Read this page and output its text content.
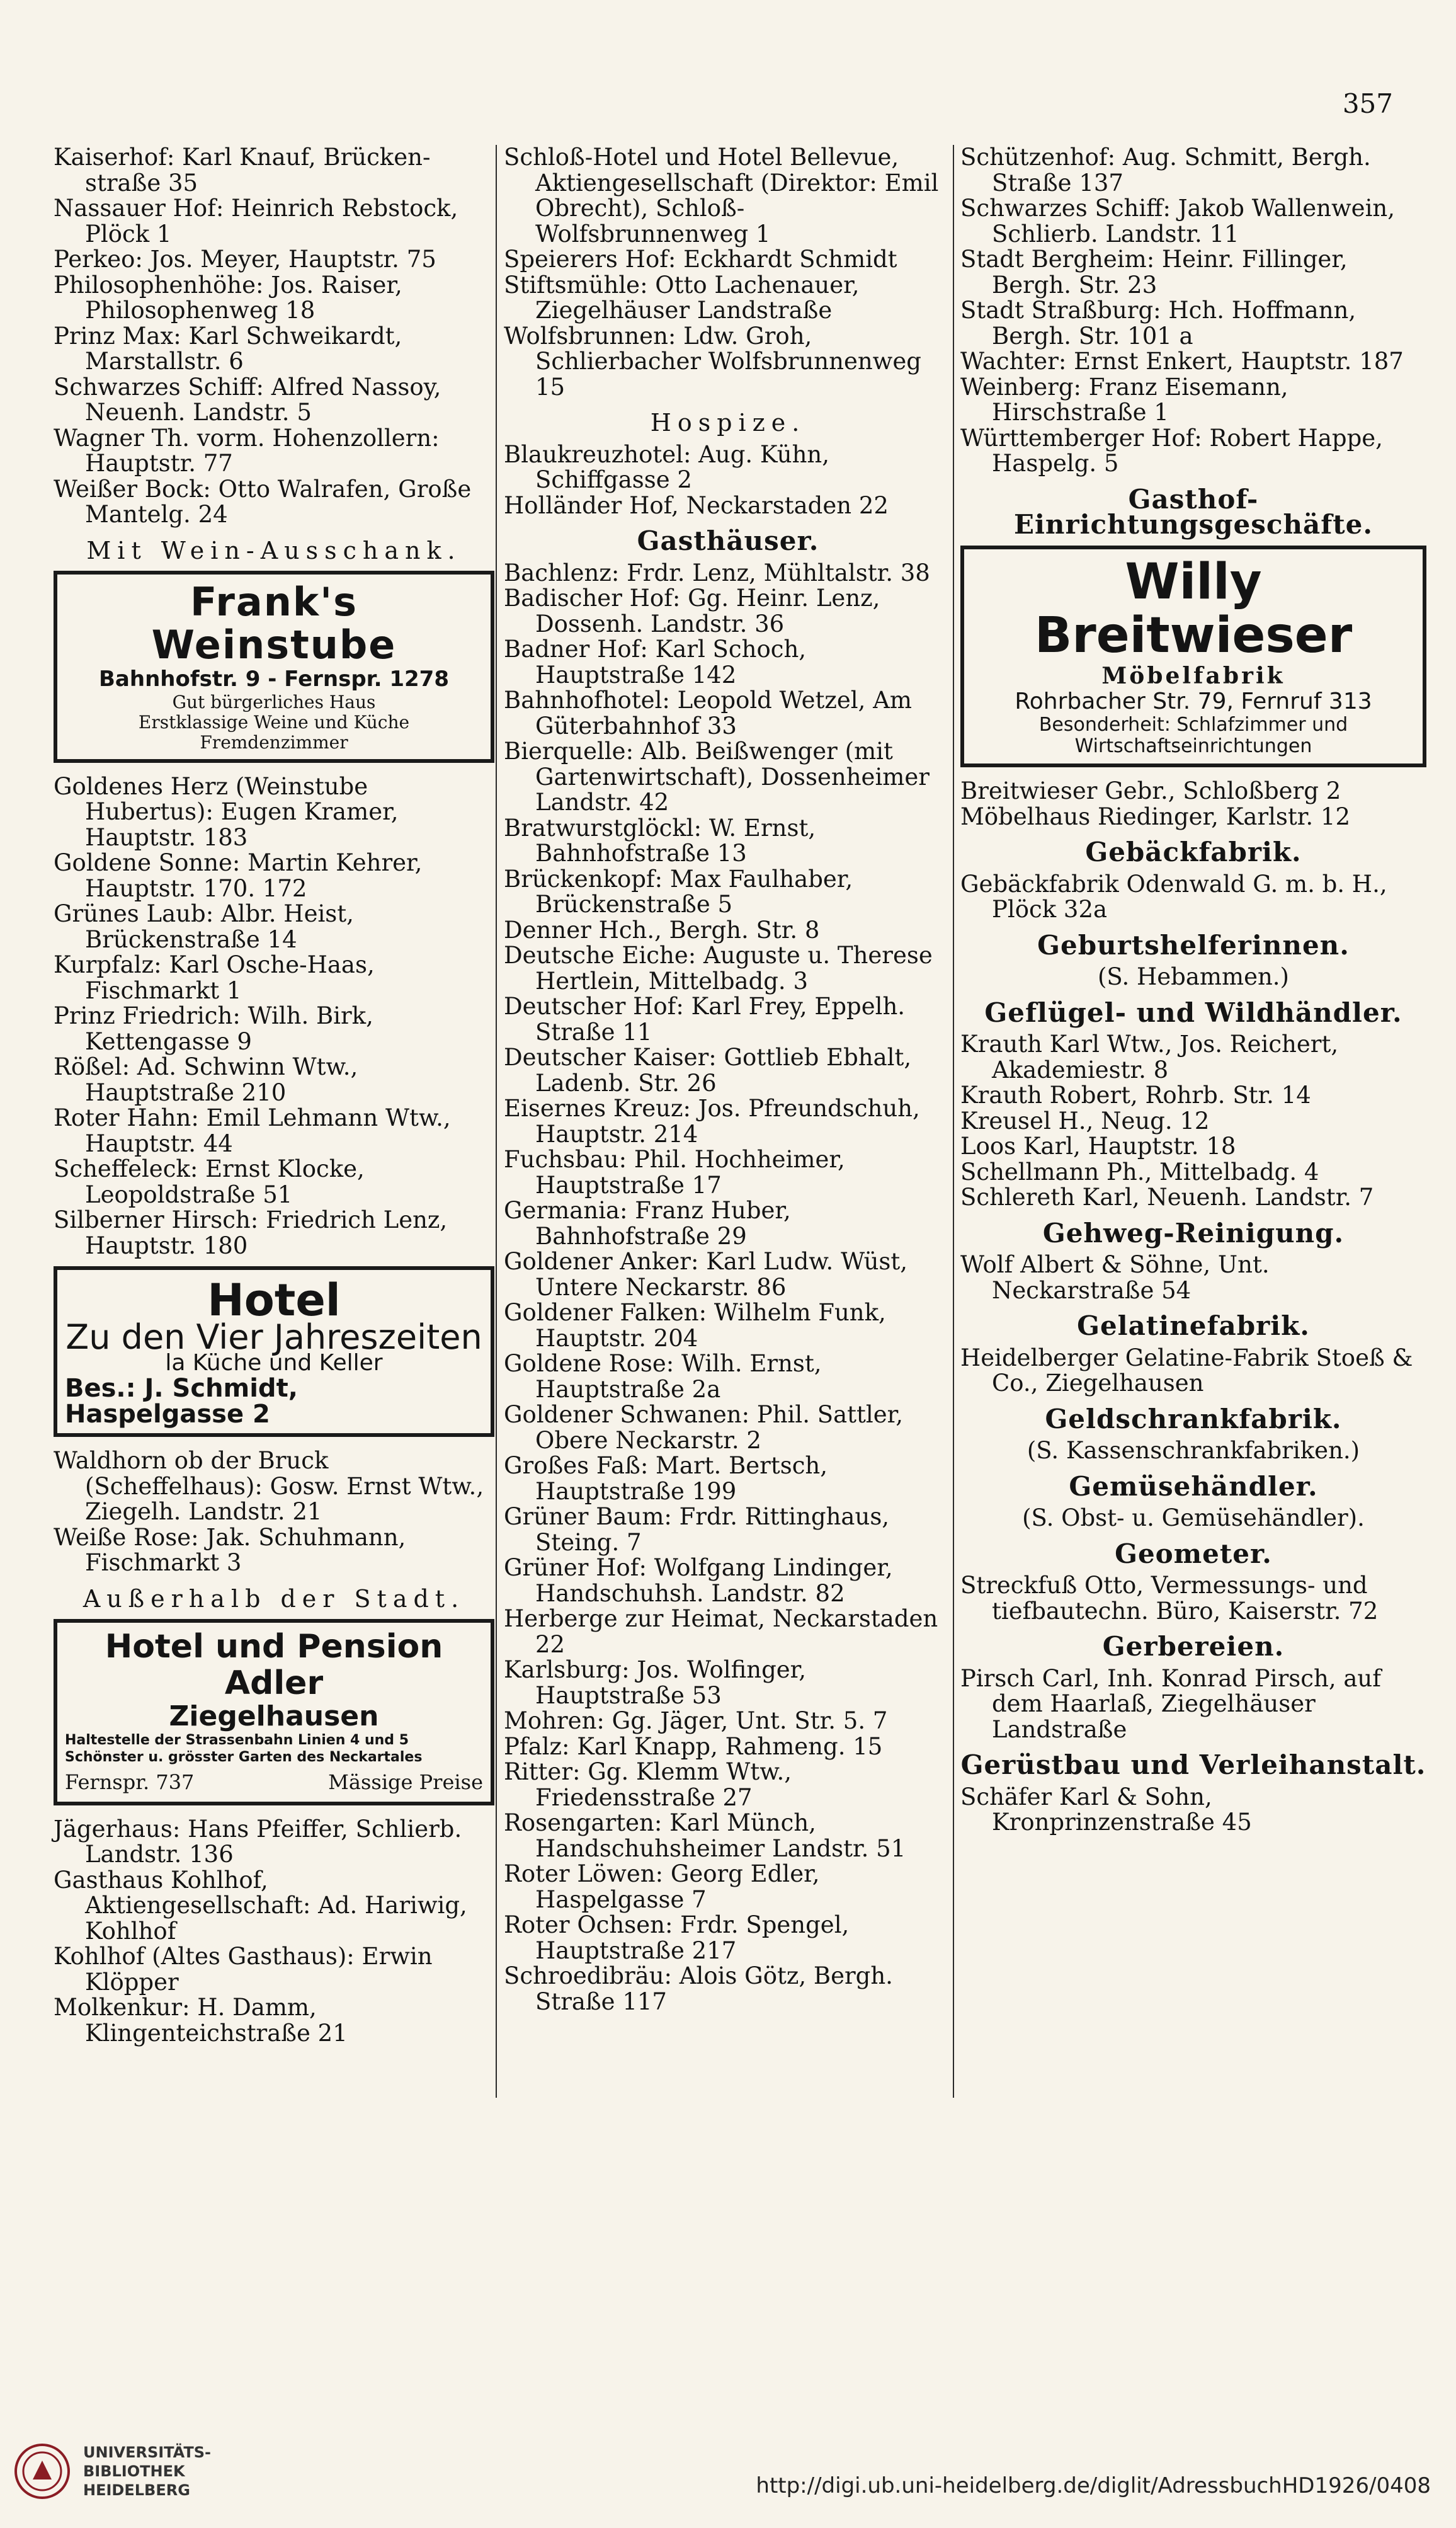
357
Kaiserhof: Karl Knauf, Brücken-straße 35
Nassauer Hof: Heinrich Rebstock, Plöck 1
Perkeo: Jos. Meyer, Hauptstr. 75
Philosophenhöhe: Jos. Raiser, Philosophenweg 18
Prinz Max: Karl Schweikardt, Marstallstr. 6
Schwarzes Schiff: Alfred Nassoy, Neuenh. Landstr. 5
Wagner Th. vorm. Hohenzollern: Hauptstr. 77
Weißer Bock: Otto Walrafen, Große Mantelg. 24
Mit Wein-Ausschank.
Frank's Weinstube
Bahnhofstr. 9 - Fernspr. 1278
Gut bürgerliches Haus
Erstklassige Weine und Küche
Fremdenzimmer
Goldenes Herz (Weinstube Hubertus): Eugen Kramer, Hauptstr. 183
Goldene Sonne: Martin Kehrer, Hauptstr. 170. 172
Grünes Laub: Albr. Heist, Brückenstraße 14
Kurpfalz: Karl Osche-Haas, Fischmarkt 1
Prinz Friedrich: Wilh. Birk, Kettengasse 9
Rößel: Ad. Schwinn Wtw., Hauptstraße 210
Roter Hahn: Emil Lehmann Wtw., Hauptstr. 44
Scheffeleck: Ernst Klocke, Leopoldstraße 51
Silberner Hirsch: Friedrich Lenz, Hauptstr. 180
Hotel
Zu den Vier Jahreszeiten
la Küche und Keller
Bes.: J. Schmidt, Haspelgasse 2
Waldhorn ob der Bruck (Scheffelhaus): Gosw. Ernst Wtw., Ziegelh. Landstr. 21
Weiße Rose: Jak. Schuhmann, Fischmarkt 3
Außerhalb der Stadt.
Hotel und Pension Adler
Ziegelhausen
Haltestelle der Strassenbahn Linien 4 und 5
Schönster u. grösster Garten des Neckartales
Fernspr. 737	Mässige Preise
Jägerhaus: Hans Pfeiffer, Schlierb. Landstr. 136
Gasthaus Kohlhof, Aktiengesellschaft: Ad. Hariwig, Kohlhof
Kohlhof (Altes Gasthaus): Erwin Klöpper
Molkenkur: H. Damm, Klingenteichstraße 21
Schloß-Hotel und Hotel Bellevue, Aktiengesellschaft (Direktor: Emil Obrecht), Schloß-Wolfsbrunnenweg 1
Speierers Hof: Eckhardt Schmidt
Stiftsmühle: Otto Lachenauer, Ziegelhäuser Landstraße
Wolfsbrunnen: Ldw. Groh, Schlierbacher Wolfsbrunnenweg 15
Hospize.
Blaukreuzhotel: Aug. Kühn, Schiffgasse 2
Holländer Hof, Neckarstaden 22
Gasthäuser.
Bachlenz: Frdr. Lenz, Mühltalstr. 38
Badischer Hof: Gg. Heinr. Lenz, Dossenh. Landstr. 36
Badner Hof: Karl Schoch, Hauptstraße 142
Bahnhofhotel: Leopold Wetzel, Am Güterbahnhof 33
Bierquelle: Alb. Beißwenger (mit Gartenwirtschaft), Dossenheimer Landstr. 42
Bratwurstglöckl: W. Ernst, Bahnhofstraße 13
Brückenkopf: Max Faulhaber, Brückenstraße 5
Denner Hch., Bergh. Str. 8
Deutsche Eiche: Auguste u. Therese Hertlein, Mittelbadg. 3
Deutscher Hof: Karl Frey, Eppelh. Straße 11
Deutscher Kaiser: Gottlieb Ebhalt, Ladenb. Str. 26
Eisernes Kreuz: Jos. Pfreundschuh, Hauptstr. 214
Fuchsbau: Phil. Hochheimer, Hauptstraße 17
Germania: Franz Huber, Bahnhofstraße 29
Goldener Anker: Karl Ludw. Wüst, Untere Neckarstr. 86
Goldener Falken: Wilhelm Funk, Hauptstr. 204
Goldene Rose: Wilh. Ernst, Hauptstraße 2a
Goldener Schwanen: Phil. Sattler, Obere Neckarstr. 2
Großes Faß: Mart. Bertsch, Hauptstraße 199
Grüner Baum: Frdr. Rittinghaus, Steing. 7
Grüner Hof: Wolfgang Lindinger, Handschuhsh. Landstr. 82
Herberge zur Heimat, Neckarstaden 22
Karlsburg: Jos. Wolfinger, Hauptstraße 53
Mohren: Gg. Jäger, Unt. Str. 5. 7
Pfalz: Karl Knapp, Rahmeng. 15
Ritter: Gg. Klemm Wtw., Friedensstraße 27
Rosengarten: Karl Münch, Handschuhsheimer Landstr. 51
Roter Löwen: Georg Edler, Haspelgasse 7
Roter Ochsen: Frdr. Spengel, Hauptstraße 217
Schroedibräu: Alois Götz, Bergh. Straße 117
Schützenhof: Aug. Schmitt, Bergh. Straße 137
Schwarzes Schiff: Jakob Wallenwein, Schlierb. Landstr. 11
Stadt Bergheim: Heinr. Fillinger, Bergh. Str. 23
Stadt Straßburg: Hch. Hoffmann, Bergh. Str. 101 a
Wachter: Ernst Enkert, Hauptstr. 187
Weinberg: Franz Eisemann, Hirschstraße 1
Württemberger Hof: Robert Happe, Haspelg. 5
Gasthof-Einrichtungsgeschäfte.
Willy Breitwieser
Möbelfabrik
Rohrbacher Str. 79, Fernruf 313
Besonderheit: Schlafzimmer und
Wirtschaftseinrichtungen
Breitwieser Gebr., Schloßberg 2
Möbelhaus Riedinger, Karlstr. 12
Gebäckfabrik.
Gebäckfabrik Odenwald G. m. b. H., Plöck 32a
Geburtshelferinnen.
(S. Hebammen.)
Geflügel- und Wildhändler.
Krauth Karl Wtw., Jos. Reichert, Akademiestr. 8
Krauth Robert, Rohrb. Str. 14
Kreusel H., Neug. 12
Loos Karl, Hauptstr. 18
Schellmann Ph., Mittelbadg. 4
Schlereth Karl, Neuenh. Landstr. 7
Gehweg-Reinigung.
Wolf Albert & Söhne, Unt. Neckarstraße 54
Gelatinefabrik.
Heidelberger Gelatine-Fabrik Stoeß & Co., Ziegelhausen
Geldschrankfabrik.
(S. Kassenschrankfabriken.)
Gemüsehändler.
(S. Obst- u. Gemüsehändler).
Geometer.
Streckfuß Otto, Vermessungs- und tiefbautechn. Büro, Kaiserstr. 72
Gerbereien.
Pirsch Carl, Inh. Konrad Pirsch, auf dem Haarlaß, Ziegelhäuser Landstraße
Gerüstbau und Verleihanstalt.
Schäfer Karl & Sohn, Kronprinzenstraße 45
UNIVERSITÄTS-
BIBLIOTHEK
HEIDELBERG	http://digi.ub.uni-heidelberg.de/diglit/AdressbuchHD1926/0408
